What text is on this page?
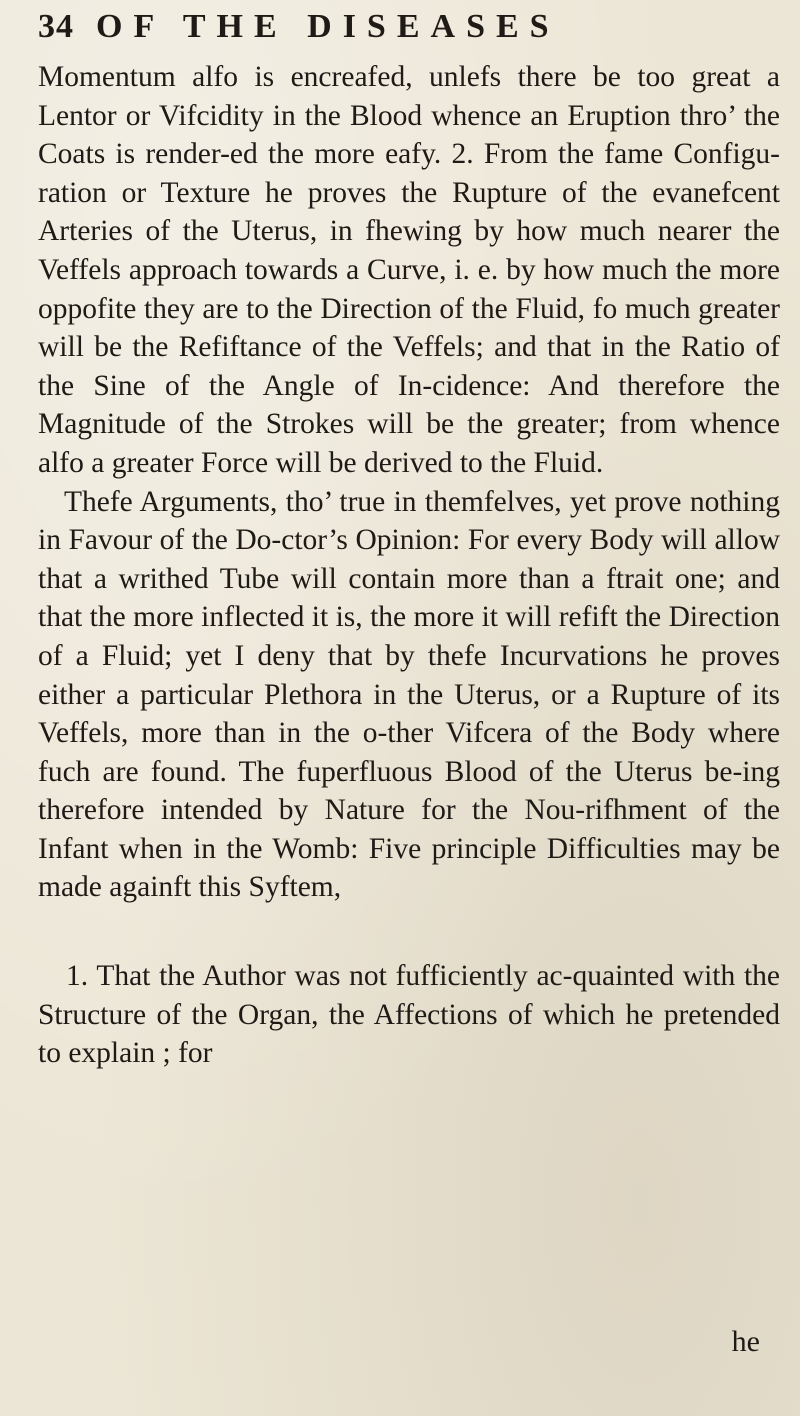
34 OF THE DISEASES

Momentum alfo is encreafed, unlefs there be too great a Lentor or Vifcidity in the Blood whence an Eruption thro’ the Coats is render-ed the more eafy. 2. From the fame Configu-ration or Texture he proves the Rupture of the evanefcent Arteries of the Uterus, in fhewing by how much nearer the Veffels approach towards a Curve, i. e. by how much the more oppofite they are to the Direction of the Fluid, fo much greater will be the Refiftance of the Veffels; and that in the Ratio of the Sine of the Angle of In-cidence: And therefore the Magnitude of the Strokes will be the greater; from whence alfo a greater Force will be derived to the Fluid.

Thefe Arguments, tho’ true in themfelves, yet prove nothing in Favour of the Do-ctor’s Opinion: For every Body will allow that a writhed Tube will contain more than a ftrait one; and that the more inflected it is, the more it will refift the Direction of a Fluid; yet I deny that by thefe Incurvations he proves either a particular Plethora in the Uterus, or a Rupture of its Veffels, more than in the o-ther Vifcera of the Body where fuch are found. The fuperfluous Blood of the Uterus be-ing therefore intended by Nature for the Nou-rifhment of the Infant when in the Womb: Five principle Difficulties may be made againft this Syftem,

1. That the Author was not fufficiently ac-quainted with the Structure of the Organ, the Affections of which he pretended to explain ; for

he
